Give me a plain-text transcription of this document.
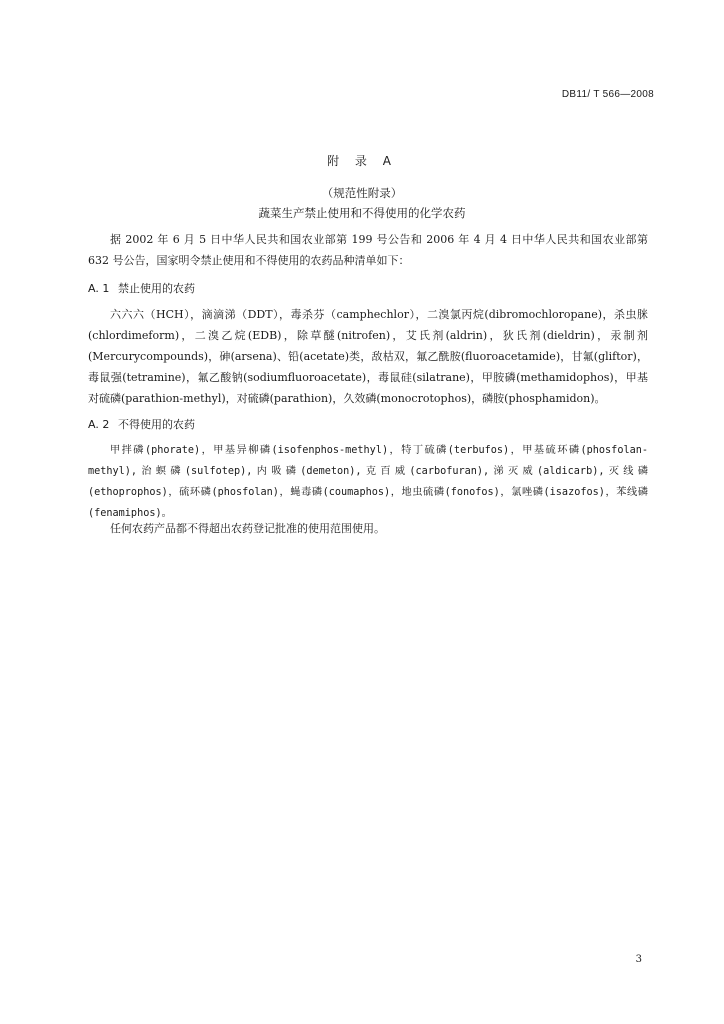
DB11/ T 566—2008
附 录 A
（规范性附录）
蔬菜生产禁止使用和不得使用的化学农药

据 2002 年 6 月 5 日中华人民共和国农业部第 199 号公告和 2006 年 4 月 4 日中华人民共和国农业部第 632 号公告，国家明令禁止使用和不得使用的农药品种清单如下：

A. 1 禁止使用的农药

六六六（HCH），滴滴涕（DDT），毒杀芬（camphechlor），二溴氯丙烷(dibromochloropane)，杀虫脒(chlordimeform)，二溴乙烷(EDB)，除草醚(nitrofen)，艾氏剂(aldrin)，狄氏剂(dieldrin)，汞制剂(Mercurycompounds)，砷(arsena)、铅(acetate)类，敌枯双，氟乙酰胺(fluoroacetamide)，甘氟(gliftor)，毒鼠强(tetramine)，氟乙酸钠(sodiumfluoroacetate)，毒鼠硅(silatrane)，甲胺磷(methamidophos)，甲基对硫磷(parathion-methyl)，对硫磷(parathion)，久效磷(monocrotophos)，磷胺(phosphamidon)。

A. 2 不得使用的农药

甲拌磷(phorate)，甲基异柳磷(isofenphos-methyl)，特丁硫磷(terbufos)，甲基硫环磷(phosfolan-methyl),治螟磷(sulfotep),内吸磷(demeton),克百威(carbofuran),涕灭威(aldicarb),灭线磷(ethoprophos)，硫环磷(phosfolan)，蝇毒磷(coumaphos)，地虫硫磷(fonofos)，氯唑磷(isazofos)，苯线磷(fenamiphos)。

任何农药产品都不得超出农药登记批准的使用范围使用。

3
